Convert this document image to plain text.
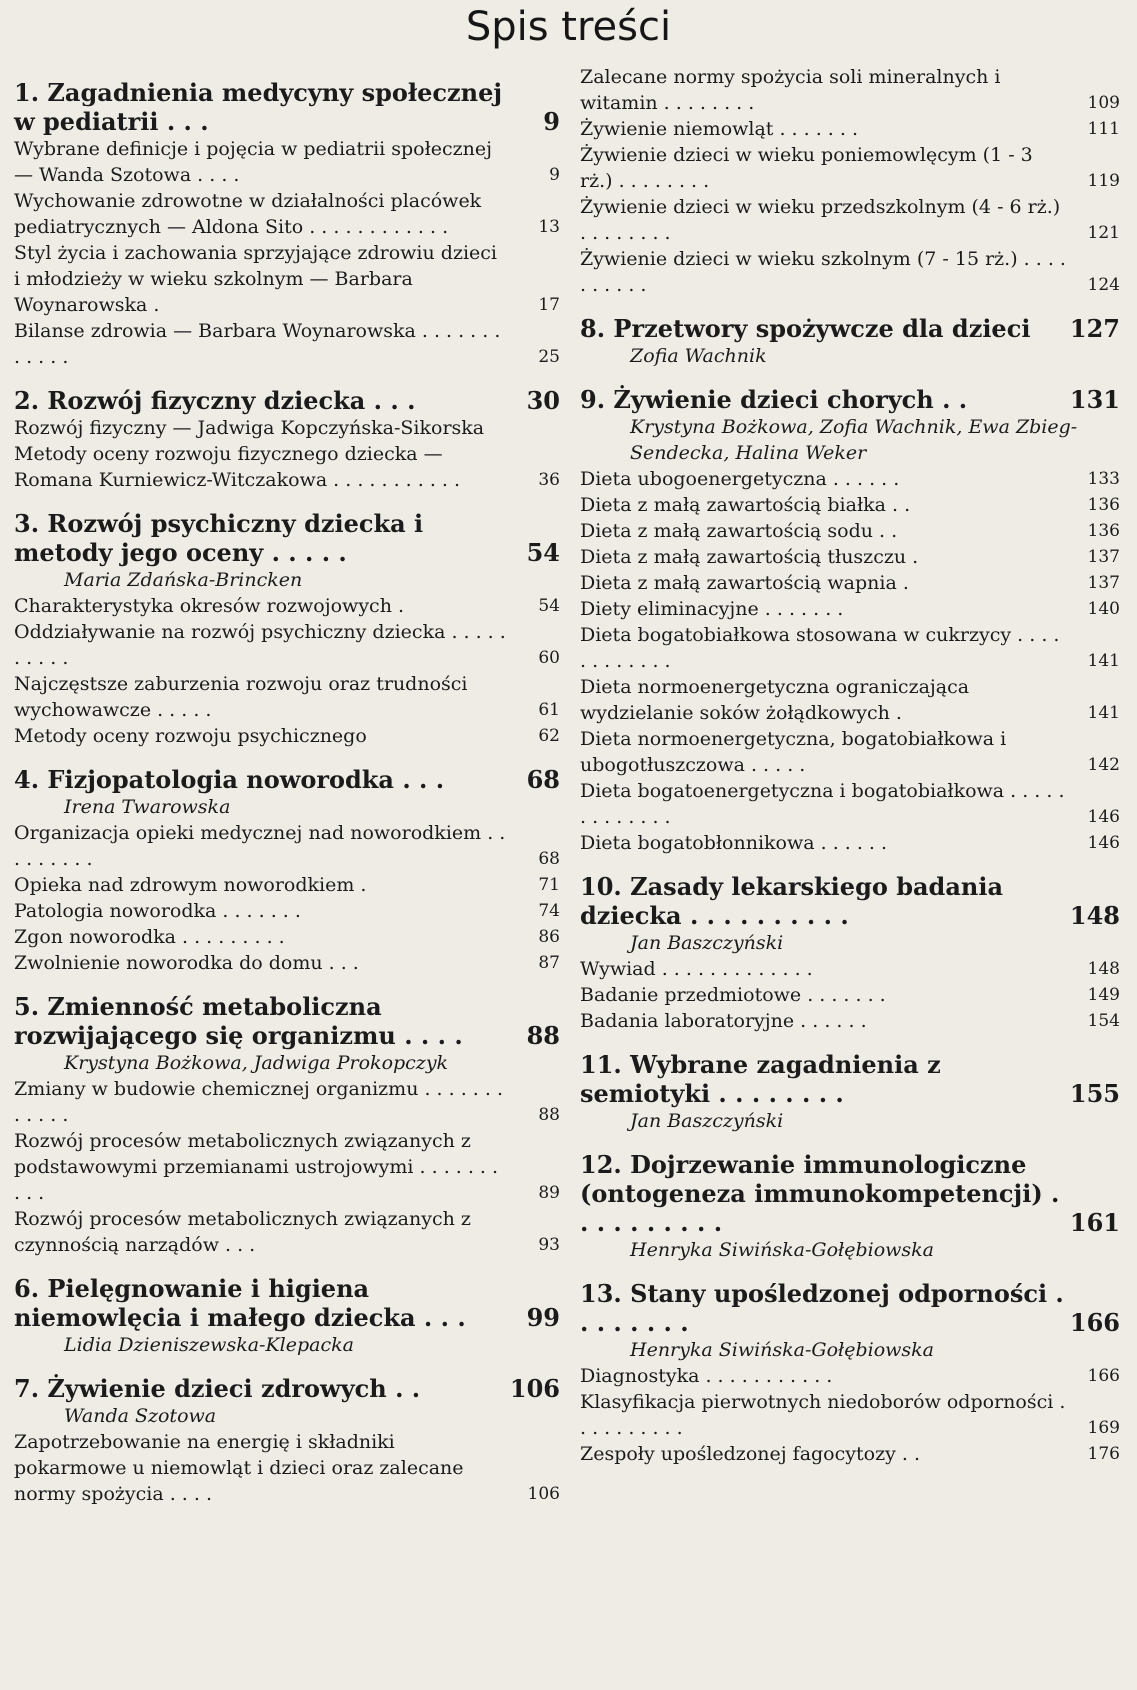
Spis treści
1. Zagadnienia medycyny społecznej w pediatrii . . .	9
Wybrane definicje i pojęcia w pediatrii społecznej — Wanda Szotowa . . . .	9
Wychowanie zdrowotne w działalności placówek pediatrycznych — Aldona Sito . . . . . . . . . . . .	13
Styl życia i zachowania sprzyjające zdrowiu dzieci i młodzieży w wieku szkolnym — Barbara Woynarowska .	17
Bilanse zdrowia — Barbara Woynarowska . . . . . . . . . . . .	25
2. Rozwój fizyczny dziecka . . .	30
Rozwój fizyczny — Jadwiga Kopczyńska-Sikorska
Metody oceny rozwoju fizycznego dziecka — Romana Kurniewicz-Witczakowa . . . . . . . . . . .	36
3. Rozwój psychiczny dziecka i metody jego oceny . . . . .	54
Maria Zdańska-Brincken
Charakterystyka okresów rozwojowych .	54
Oddziaływanie na rozwój psychiczny dziecka . . . . . . . . . .	60
Najczęstsze zaburzenia rozwoju oraz trudności wychowawcze . . . . .	61
Metody oceny rozwoju psychicznego	62
4. Fizjopatologia noworodka . . .	68
Irena Twarowska
Organizacja opieki medycznej nad noworodkiem . . . . . . . . .	68
Opieka nad zdrowym noworodkiem .	71
Patologia noworodka . . . . . . .	74
Zgon noworodka . . . . . . . . .	86
Zwolnienie noworodka do domu . . .	87
5. Zmienność metaboliczna rozwijającego się organizmu . . . .	88
Krystyna Bożkowa, Jadwiga Prokopczyk
Zmiany w budowie chemicznej organizmu . . . . . . . . . . . .	88
Rozwój procesów metabolicznych związanych z podstawowymi przemianami ustrojowymi . . . . . . . . . .	89
Rozwój procesów metabolicznych związanych z czynnością narządów . . .	93
6. Pielęgnowanie i higiena niemowlęcia i małego dziecka . . .	99
Lidia Dzieniszewska-Klepacka
7. Żywienie dzieci zdrowych . .	106
Wanda Szotowa
Zapotrzebowanie na energię i składniki pokarmowe u niemowląt i dzieci oraz zalecane normy spożycia . . . .	106
Zalecane normy spożycia soli mineralnych i witamin . . . . . . . .	109
Żywienie niemowląt . . . . . . .	111
Żywienie dzieci w wieku poniemowlęcym (1 - 3 rż.) . . . . . . . .	119
Żywienie dzieci w wieku przedszkolnym (4 - 6 rż.) . . . . . . . .	121
Żywienie dzieci w wieku szkolnym (7 - 15 rż.) . . . . . . . . . .	124
8. Przetwory spożywcze dla dzieci	127
Zofia Wachnik
9. Żywienie dzieci chorych . .	131
Krystyna Bożkowa, Zofia Wachnik, Ewa Zbieg-Sendecka, Halina Weker
Dieta ubogoenergetyczna . . . . . .	133
Dieta z małą zawartością białka . .	136
Dieta z małą zawartością sodu . .	136
Dieta z małą zawartością tłuszczu .	137
Dieta z małą zawartością wapnia .	137
Diety eliminacyjne . . . . . . .	140
Dieta bogatobiałkowa stosowana w cukrzycy . . . . . . . . . . . .	141
Dieta normoenergetyczna ograniczająca wydzielanie soków żołądkowych .	141
Dieta normoenergetyczna, bogatobiałkowa i ubogotłuszczowa . . . . .	142
Dieta bogatoenergetyczna i bogatobiałkowa . . . . . . . . . . . . .	146
Dieta bogatobłonnikowa . . . . . .	146
10. Zasady lekarskiego badania dziecka . . . . . . . . . .	148
Jan Baszczyński
Wywiad . . . . . . . . . . . . .	148
Badanie przedmiotowe . . . . . . .	149
Badania laboratoryjne . . . . . .	154
11. Wybrane zagadnienia z semiotyki . . . . . . . .	155
Jan Baszczyński
12. Dojrzewanie immunologiczne (ontogeneza immunokompetencji) . . . . . . . . . .	161
Henryka Siwińska-Gołębiowska
13. Stany upośledzonej odporności . . . . . . . .	166
Henryka Siwińska-Gołębiowska
Diagnostyka . . . . . . . . . . .	166
Klasyfikacja pierwotnych niedoborów odporności . . . . . . . . . .	169
Zespoły upośledzonej fagocytozy . .	176
